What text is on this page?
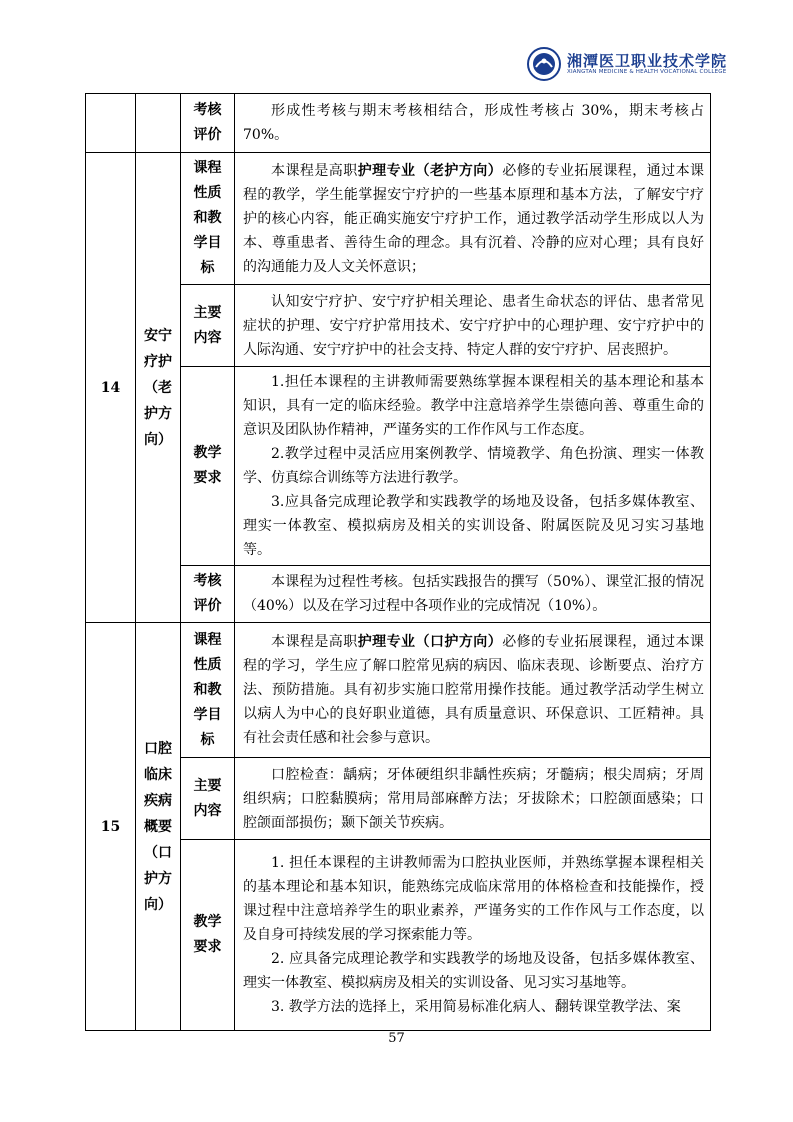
湘潭医卫职业技术学院
XIANGTAN MEDICINE & HEALTH VOCATIONAL COLLEGE
		考核评价	形成性考核与期末考核相结合，形成性考核占 30%，期末考核占 70%。

14	安宁疗护（老护方向）	课程性质和教学目标	本课程是高职护理专业（老护方向）必修的专业拓展课程，通过本课程的教学，学生能掌握安宁疗护的一些基本原理和基本方法，了解安宁疗护的核心内容，能正确实施安宁疗护工作，通过教学活动学生形成以人为本、尊重患者、善待生命的理念。具有沉着、冷静的应对心理；具有良好的沟通能力及人文关怀意识；

		主要内容	认知安宁疗护、安宁疗护相关理论、患者生命状态的评估、患者常见症状的护理、安宁疗护常用技术、安宁疗护中的心理护理、安宁疗护中的人际沟通、安宁疗护中的社会支持、特定人群的安宁疗护、居丧照护。

		教学要求	1.担任本课程的主讲教师需要熟练掌握本课程相关的基本理论和基本知识，具有一定的临床经验。教学中注意培养学生崇德向善、尊重生命的意识及团队协作精神，严谨务实的工作作风与工作态度。

2.教学过程中灵活应用案例教学、情境教学、角色扮演、理实一体教学、仿真综合训练等方法进行教学。

3.应具备完成理论教学和实践教学的场地及设备，包括多媒体教室、理实一体教室、模拟病房及相关的实训设备、附属医院及见习实习基地等。

		考核评价	本课程为过程性考核。包括实践报告的撰写（50%）、课堂汇报的情况（40%）以及在学习过程中各项作业的完成情况（10%）。

15	口腔临床疾病概要（口护方向）	课程性质和教学目标	本课程是高职护理专业（口护方向）必修的专业拓展课程，通过本课程的学习，学生应了解口腔常见病的病因、临床表现、诊断要点、治疗方法、预防措施。具有初步实施口腔常用操作技能。通过教学活动学生树立以病人为中心的良好职业道德，具有质量意识、环保意识、工匠精神。具有社会责任感和社会参与意识。

		主要内容	口腔检查：龋病；牙体硬组织非龋性疾病；牙髓病；根尖周病；牙周组织病；口腔黏膜病；常用局部麻醉方法；牙拔除术；口腔颌面感染；口腔颌面部损伤；颞下颌关节疾病。

		教学要求	1. 担任本课程的主讲教师需为口腔执业医师，并熟练掌握本课程相关的基本理论和基本知识，能熟练完成临床常用的体格检查和技能操作，授课过程中注意培养学生的职业素养，严谨务实的工作作风与工作态度，以及自身可持续发展的学习探索能力等。

2. 应具备完成理论教学和实践教学的场地及设备，包括多媒体教室、理实一体教室、模拟病房及相关的实训设备、见习实习基地等。

3. 教学方法的选择上，采用简易标准化病人、翻转课堂教学法、案

57
